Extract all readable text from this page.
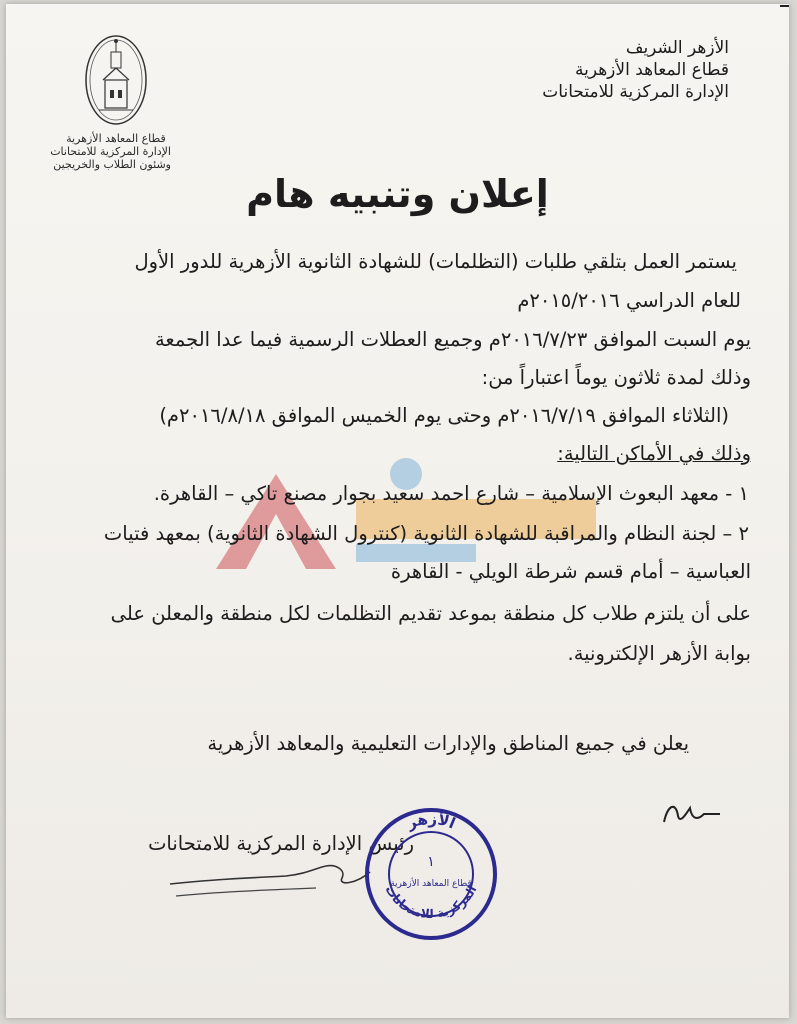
قطاع المعاهد الأزهرية
الإدارة المركزية للامتحانات
وشئون الطلاب والخريجين
الأزهر الشريف
قطاع المعاهد الأزهرية
الإدارة المركزية للامتحانات
إعلان وتنبيه هام
يستمر العمل بتلقي طلبات (التظلمات) للشهادة الثانوية الأزهرية للدور الأول
للعام الدراسي ٢٠١٥/٢٠١٦م
يوم السبت الموافق ٢٠١٦/٧/٢٣م وجميع العطلات الرسمية فيما عدا الجمعة
وذلك لمدة ثلاثون يوماً اعتباراً من:
(الثلاثاء الموافق ٢٠١٦/٧/١٩م وحتى يوم الخميس الموافق ٢٠١٦/٨/١٨م)
وذلك في الأماكن التالية:
١ - معهد البعوث الإسلامية – شارع احمد سعيد بجوار مصنع تاكي – القاهرة.
٢ – لجنة النظام والمراقبة للشهادة الثانوية (كنترول الشهادة الثانوية) بمعهد فتيات
العباسية – أمام قسم شرطة الويلي - القاهرة
على أن يلتزم طلاب كل منطقة بموعد تقديم التظلمات لكل منطقة والمعلن على
بوابة الأزهر الإلكترونية.
يعلن في جميع المناطق والإدارات التعليمية والمعاهد الأزهرية
رئيس الإدارة المركزية للامتحانات
الأزهر
المركزية للامتحانات
١
قطاع المعاهد الأزهرية
